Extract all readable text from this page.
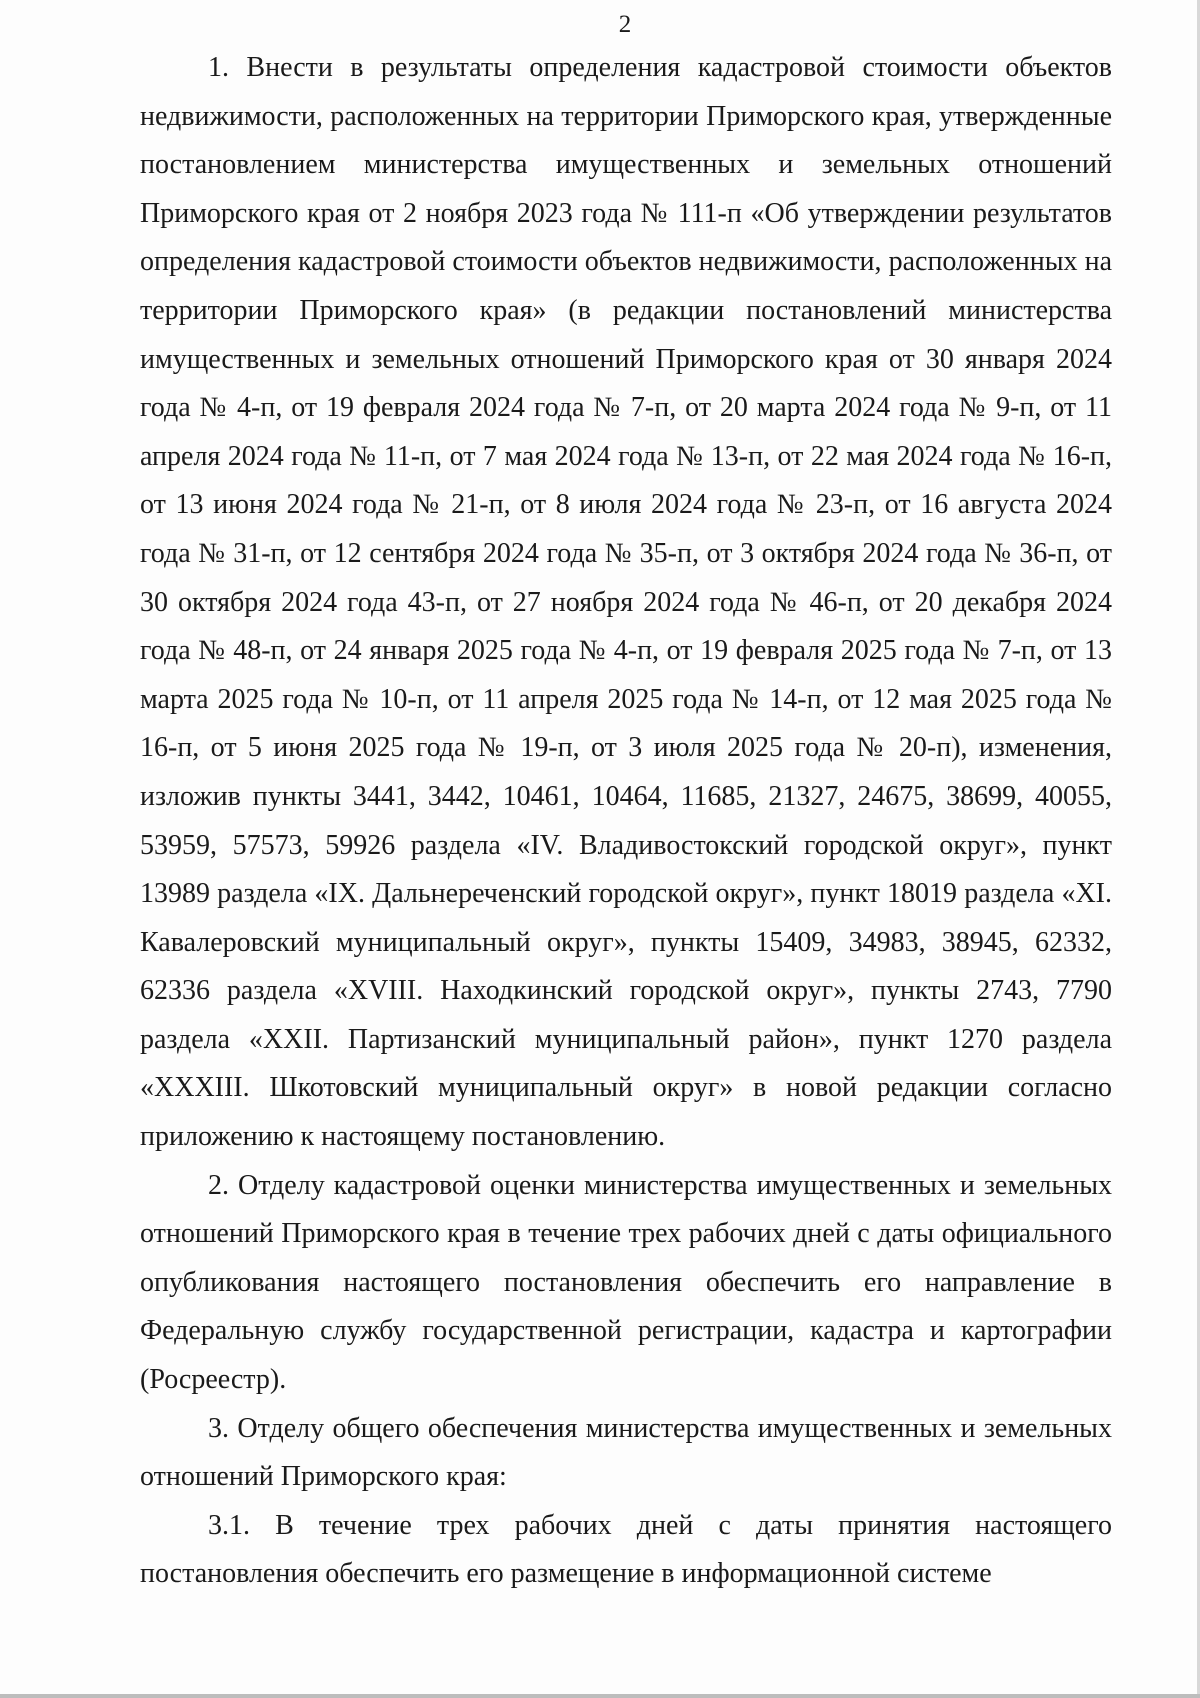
2

1. Внести в результаты определения кадастровой стоимости объектов недвижимости, расположенных на территории Приморского края, утвержденные постановлением министерства имущественных и земельных отношений Приморского края от 2 ноября 2023 года № 111-п «Об утверждении результатов определения кадастровой стоимости объектов недвижимости, расположенных на территории Приморского края» (в редакции постановлений министерства имущественных и земельных отношений Приморского края от 30 января 2024 года № 4-п, от 19 февраля 2024 года № 7-п, от 20 марта 2024 года № 9-п, от 11 апреля 2024 года № 11-п, от 7 мая 2024 года № 13-п, от 22 мая 2024 года № 16-п, от 13 июня 2024 года № 21-п, от 8 июля 2024 года № 23-п, от 16 августа 2024 года № 31-п, от 12 сентября 2024 года № 35-п, от 3 октября 2024 года № 36-п, от 30 октября 2024 года 43-п, от 27 ноября 2024 года № 46-п, от 20 декабря 2024 года № 48-п, от 24 января 2025 года № 4-п, от 19 февраля 2025 года № 7-п, от 13 марта 2025 года № 10-п, от 11 апреля 2025 года № 14-п, от 12 мая 2025 года № 16-п, от 5 июня 2025 года № 19-п, от 3 июля 2025 года № 20-п), изменения, изложив пункты 3441, 3442, 10461, 10464, 11685, 21327, 24675, 38699, 40055, 53959, 57573, 59926 раздела «IV. Владивостокский городской округ», пункт 13989 раздела «IX. Дальнереченский городской округ», пункт 18019 раздела «XI. Кавалеровский муниципальный округ», пункты 15409, 34983, 38945, 62332, 62336 раздела «XVIII. Находкинский городской округ», пункты 2743, 7790 раздела «XXII. Партизанский муниципальный район», пункт 1270 раздела «XXXIII. Шкотовский муниципальный округ» в новой редакции согласно приложению к настоящему постановлению.

2. Отделу кадастровой оценки министерства имущественных и земельных отношений Приморского края в течение трех рабочих дней с даты официального опубликования настоящего постановления обеспечить его направление в Федеральную службу государственной регистрации, кадастра и картографии (Росреестр).

3. Отделу общего обеспечения министерства имущественных и земельных отношений Приморского края:

3.1. В течение трех рабочих дней с даты принятия настоящего постановления обеспечить его размещение в информационной системе
